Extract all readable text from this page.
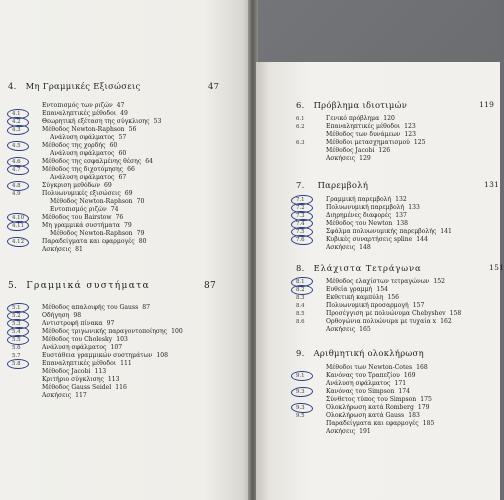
4. Μη Γραμμικές Εξισώσεις	47
Εντοπισμός των ριζών 47
4.1	Επαναληπτικές μέθοδοι 49
4.2	Θεωρητική εξέταση της σύγκλισης 53
4.3	Μέθοδος Newton-Raphson 56
Ανάλυση σφάλματος 57
4.5	Μέθοδος της χορδής 60
Ανάλυση σφάλματος 60
4.6	Μέθοδος της εσφαλμένης θέσης 64
4.7	Μέθοδος της διχοτόμησης 66
Ανάλυση σφάλματος 67
4.8	Σύγκριση μεθόδων 69
4.9	Πολυωνυμικές εξισώσεις 69
Μέθοδος Newton-Raphson 70
Εντοπισμός ριζών 74
4.10	Μέθοδος του Bairstow 76
4.11	Μη γραμμικά συστήματα 79
Μέθοδος Newton-Raphson 79
4.12	Παραδείγματα και εφαρμογές 80
Ασκήσεις 81
5. Γραμμικά συστήματα	87
5.1	Μέθοδος απαλοιφής του Gauss 87
5.2	Οδήγηση 98
5.3	Αντιστροφή πίνακα 97
5.4	Μέθοδος τριγωνικής παραγοντοποίησης 100
5.5	Μέθοδος του Cholesky 103
5.6	Ανάλυση σφάλματος 107
5.7	Ευστάθεια γραμμικών συστημάτων 108
5.8	Επαναληπτικές μέθοδοι 111
Μέθοδος Jacobi 113
Κριτήριο σύγκλισης 113
Μέθοδος Gauss Seidel 116
Ασκήσεις 117
6. Πρόβλημα ιδιοτιμών	119
6.1	Γενικό πρόβλημα 120
6.2	Επαναληπτικές μέθοδοι 123
Μέθοδος των δυνάμεων 123
6.3	Μέθοδοι μετασχηματισμού 125
Μέθοδος Jacobi 126
Ασκήσεις 129
7. Παρεμβολή	131
7.1	Γραμμική παρεμβολή 132
7.2	Πολυωνυμική παρεμβολή 133
7.3	Διηρημένες διαφορές 137
7.4	Μέθοδος του Newton 138
7.5	Σφάλμα πολυωνυμικής παρεμβολής 141
7.6	Κυβικές συναρτήσεις spline 144
Ασκήσεις 148
8. Ελάχιστα Τετράγωνα	151
8.1	Μέθοδος ελαχίστων τετραγώνων 152
8.2	Ευθεία γραμμή 154
8.3	Εκθετική καμπύλη 156
8.4	Πολυωνυμική προσαρμογή 157
8.5	Προσέγγιση με πολυώνυμα Chebyshev 158
8.6	Ορθογώνια πολυώνυμα με τυχαία x 162
Ασκήσεις 165
9. Αριθμητική ολοκλήρωση
Μέθοδοι των Newton-Cotes 168
9.1	Κανόνας του Τραπεζίου 169
Ανάλυση σφάλματος 171
9.3	Κανόνας του Simpson 174
Σύνθετος τύπος του Simpson 175
9.3	Ολοκλήρωση κατά Romberg 179
9.5	Ολοκλήρωση κατά Gauss 183
Παραδείγματα και εφαρμογές 185
Ασκήσεις 191
